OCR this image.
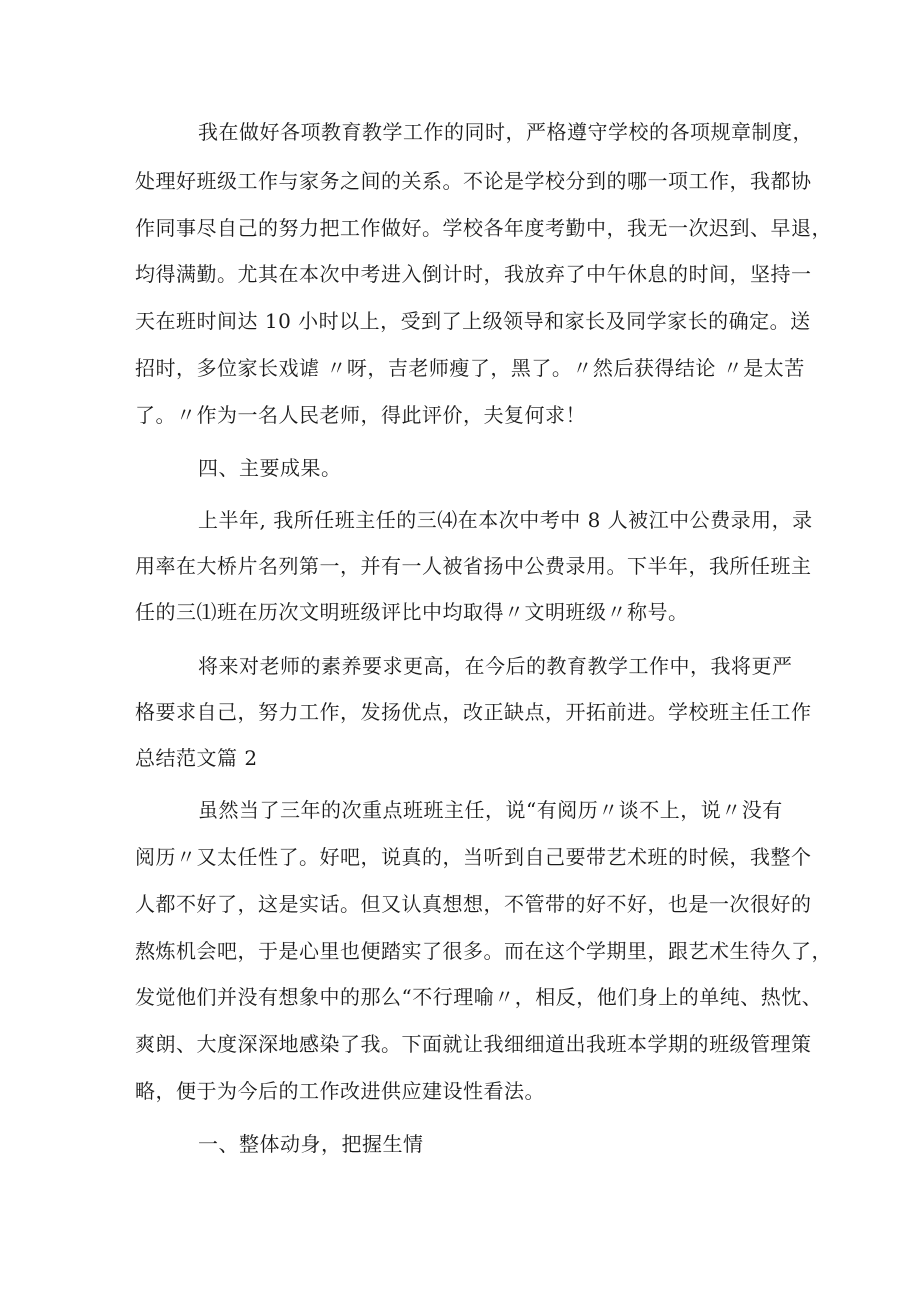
我在做好各项教育教学工作的同时，严格遵守学校的各项规章制度，
处理好班级工作与家务之间的关系。不论是学校分到的哪一项工作，我都协
作同事尽自己的努力把工作做好。学校各年度考勤中，我无一次迟到、早退，
均得满勤。尤其在本次中考进入倒计时，我放弃了中午休息的时间，坚持一
天在班时间达 10 小时以上，受到了上级领导和家长及同学家长的确定。送
招时，多位家长戏谑 〃呀，吉老师瘦了，黑了。〃然后获得结论 〃是太苦
了。〃作为一名人民老师，得此评价，夫复何求！
四、主要成果。
上半年, 我所任班主任的三⑷在本次中考中 8 人被江中公费录用，录
用率在大桥片名列第一，并有一人被省扬中公费录用。下半年，我所任班主
任的三⑴班在历次文明班级评比中均取得〃文明班级〃称号。
将来对老师的素养要求更高，在今后的教育教学工作中，我将更严
格要求自己，努力工作，发扬优点，改正缺点，开拓前进。学校班主任工作
总结范文篇 2
虽然当了三年的次重点班班主任，说“有阅历〃谈不上，说〃没有
阅历〃又太任性了。好吧，说真的，当听到自己要带艺术班的时候，我整个
人都不好了，这是实话。但又认真想想，不管带的好不好，也是一次很好的
熬炼机会吧，于是心里也便踏实了很多。而在这个学期里，跟艺术生待久了，
发觉他们并没有想象中的那么“不行理喻〃，相反，他们身上的单纯、热忱、
爽朗、大度深深地感染了我。下面就让我细细道出我班本学期的班级管理策
略，便于为今后的工作改进供应建设性看法。
一、整体动身，把握生情
